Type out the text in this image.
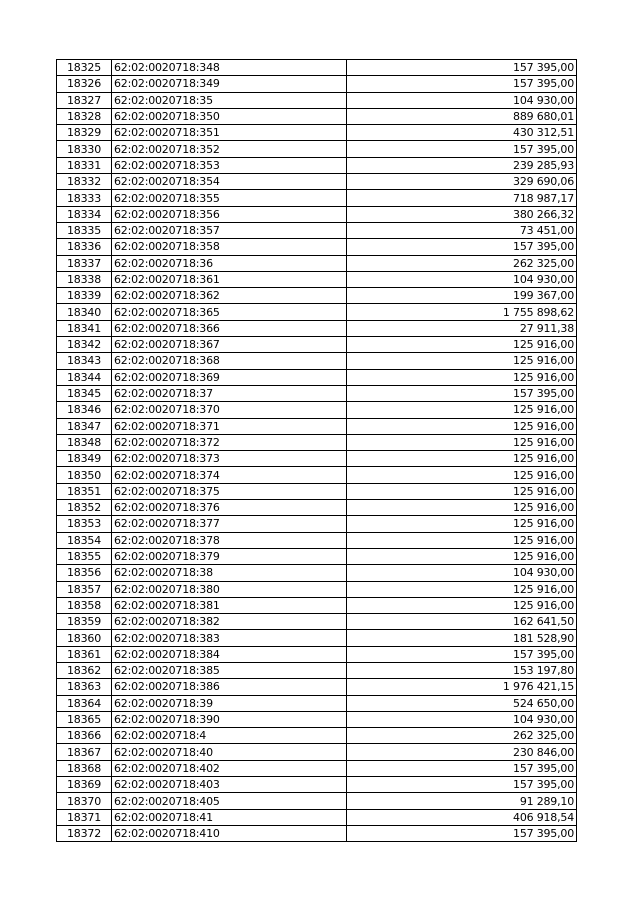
18325	62:02:0020718:348	157 395,00
18326	62:02:0020718:349	157 395,00
18327	62:02:0020718:35	104 930,00
18328	62:02:0020718:350	889 680,01
18329	62:02:0020718:351	430 312,51
18330	62:02:0020718:352	157 395,00
18331	62:02:0020718:353	239 285,93
18332	62:02:0020718:354	329 690,06
18333	62:02:0020718:355	718 987,17
18334	62:02:0020718:356	380 266,32
18335	62:02:0020718:357	73 451,00
18336	62:02:0020718:358	157 395,00
18337	62:02:0020718:36	262 325,00
18338	62:02:0020718:361	104 930,00
18339	62:02:0020718:362	199 367,00
18340	62:02:0020718:365	1 755 898,62
18341	62:02:0020718:366	27 911,38
18342	62:02:0020718:367	125 916,00
18343	62:02:0020718:368	125 916,00
18344	62:02:0020718:369	125 916,00
18345	62:02:0020718:37	157 395,00
18346	62:02:0020718:370	125 916,00
18347	62:02:0020718:371	125 916,00
18348	62:02:0020718:372	125 916,00
18349	62:02:0020718:373	125 916,00
18350	62:02:0020718:374	125 916,00
18351	62:02:0020718:375	125 916,00
18352	62:02:0020718:376	125 916,00
18353	62:02:0020718:377	125 916,00
18354	62:02:0020718:378	125 916,00
18355	62:02:0020718:379	125 916,00
18356	62:02:0020718:38	104 930,00
18357	62:02:0020718:380	125 916,00
18358	62:02:0020718:381	125 916,00
18359	62:02:0020718:382	162 641,50
18360	62:02:0020718:383	181 528,90
18361	62:02:0020718:384	157 395,00
18362	62:02:0020718:385	153 197,80
18363	62:02:0020718:386	1 976 421,15
18364	62:02:0020718:39	524 650,00
18365	62:02:0020718:390	104 930,00
18366	62:02:0020718:4	262 325,00
18367	62:02:0020718:40	230 846,00
18368	62:02:0020718:402	157 395,00
18369	62:02:0020718:403	157 395,00
18370	62:02:0020718:405	91 289,10
18371	62:02:0020718:41	406 918,54
18372	62:02:0020718:410	157 395,00
